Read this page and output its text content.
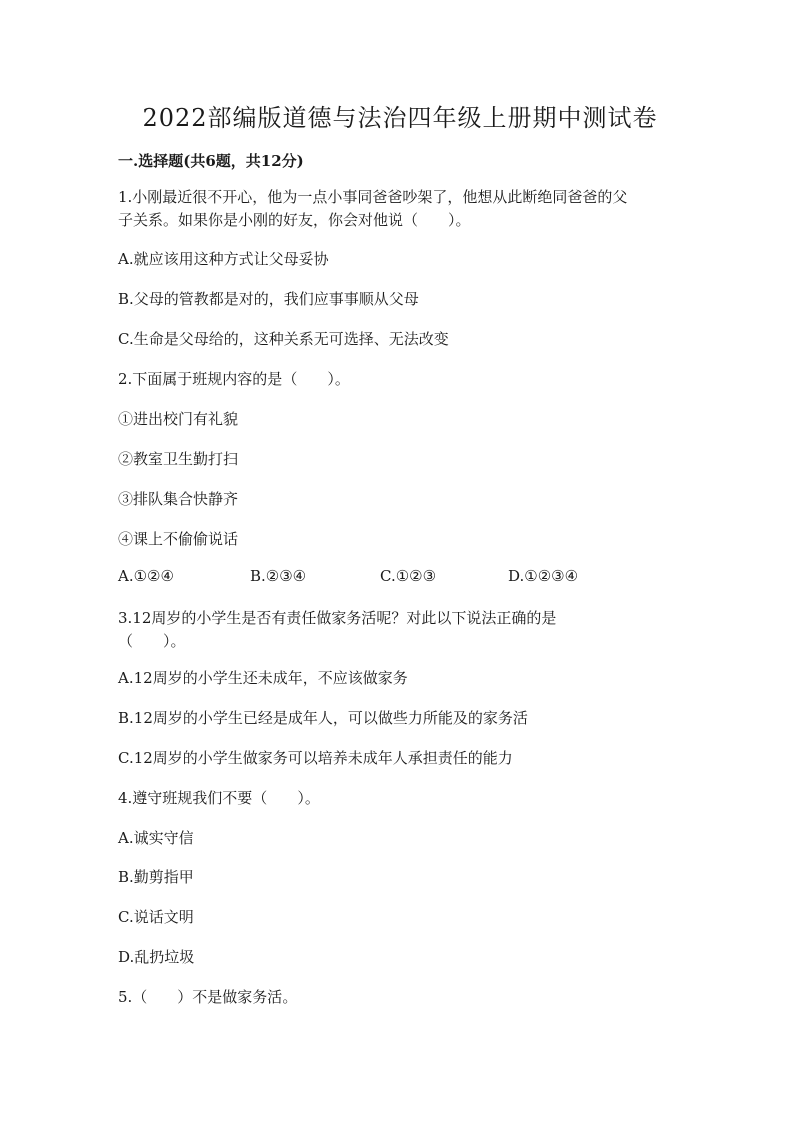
2022部编版道德与法治四年级上册期中测试卷
一.选择题(共6题，共12分)
1.小刚最近很不开心，他为一点小事同爸爸吵架了，他想从此断绝同爸爸的父
子关系。如果你是小刚的好友，你会对他说（　　）。
A.就应该用这种方式让父母妥协
B.父母的管教都是对的，我们应事事顺从父母
C.生命是父母给的，这种关系无可选择、无法改变
2.下面属于班规内容的是（　　）。
①进出校门有礼貌
②教室卫生勤打扫
③排队集合快静齐
④课上不偷偷说话
A.①②④	B.②③④	C.①②③	D.①②③④
3.12周岁的小学生是否有责任做家务活呢？对此以下说法正确的是
（　　）。
A.12周岁的小学生还未成年，不应该做家务
B.12周岁的小学生已经是成年人，可以做些力所能及的家务活
C.12周岁的小学生做家务可以培养未成年人承担责任的能力
4.遵守班规我们不要（　　）。
A.诚实守信
B.勤剪指甲
C.说话文明
D.乱扔垃圾
5.（　　）不是做家务活。
